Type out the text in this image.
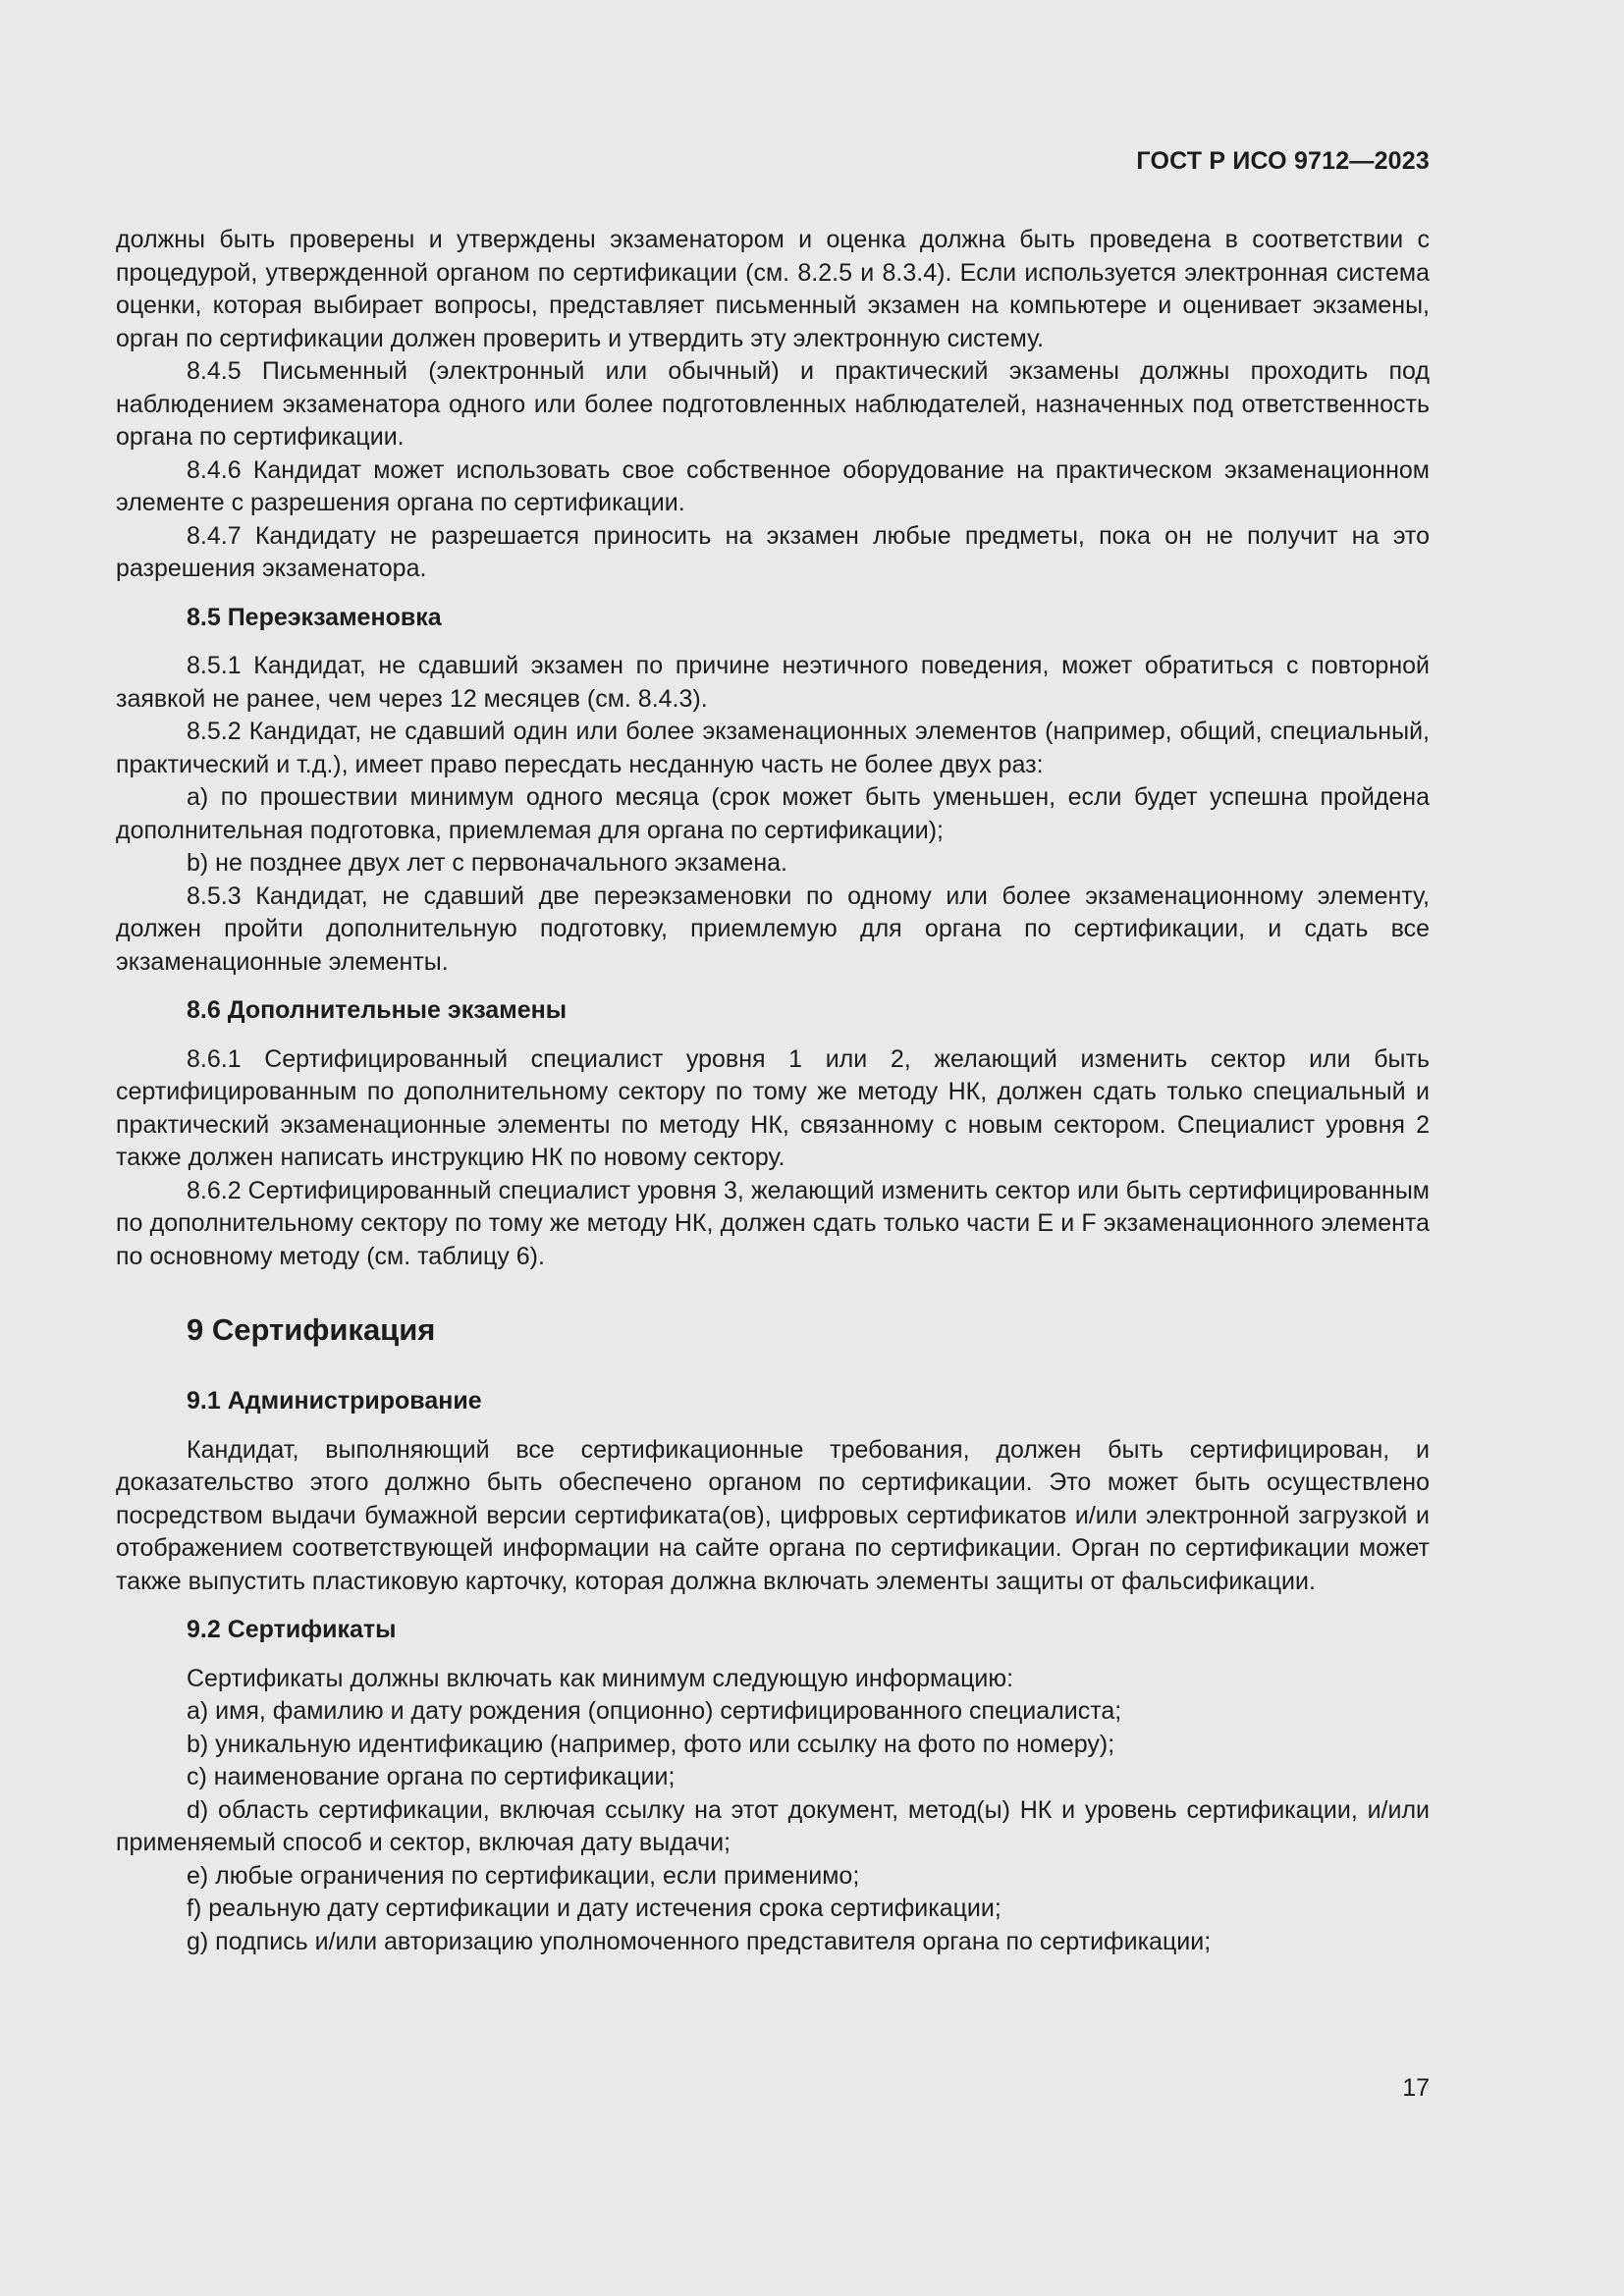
ГОСТ Р ИСО 9712—2023

должны быть проверены и утверждены экзаменатором и оценка должна быть проведена в соответствии с процедурой, утвержденной органом по сертификации (см. 8.2.5 и 8.3.4). Если используется электронная система оценки, которая выбирает вопросы, представляет письменный экзамен на компьютере и оценивает экзамены, орган по сертификации должен проверить и утвердить эту электронную систему.

8.4.5 Письменный (электронный или обычный) и практический экзамены должны проходить под наблюдением экзаменатора одного или более подготовленных наблюдателей, назначенных под ответственность органа по сертификации.

8.4.6 Кандидат может использовать свое собственное оборудование на практическом экзаменационном элементе с разрешения органа по сертификации.

8.4.7 Кандидату не разрешается приносить на экзамен любые предметы, пока он не получит на это разрешения экзаменатора.

8.5 Переэкзаменовка

8.5.1 Кандидат, не сдавший экзамен по причине неэтичного поведения, может обратиться с повторной заявкой не ранее, чем через 12 месяцев (см. 8.4.3).

8.5.2 Кандидат, не сдавший один или более экзаменационных элементов (например, общий, специальный, практический и т.д.), имеет право пересдать несданную часть не более двух раз:

a) по прошествии минимум одного месяца (срок может быть уменьшен, если будет успешна пройдена дополнительная подготовка, приемлемая для органа по сертификации);

b) не позднее двух лет с первоначального экзамена.

8.5.3 Кандидат, не сдавший две переэкзаменовки по одному или более экзаменационному элементу, должен пройти дополнительную подготовку, приемлемую для органа по сертификации, и сдать все экзаменационные элементы.

8.6 Дополнительные экзамены

8.6.1 Сертифицированный специалист уровня 1 или 2, желающий изменить сектор или быть сертифицированным по дополнительному сектору по тому же методу НК, должен сдать только специальный и практический экзаменационные элементы по методу НК, связанному с новым сектором. Специалист уровня 2 также должен написать инструкцию НК по новому сектору.

8.6.2 Сертифицированный специалист уровня 3, желающий изменить сектор или быть сертифицированным по дополнительному сектору по тому же методу НК, должен сдать только части E и F экзаменационного элемента по основному методу (см. таблицу 6).

9 Сертификация
9.1 Администрирование

Кандидат, выполняющий все сертификационные требования, должен быть сертифицирован, и доказательство этого должно быть обеспечено органом по сертификации. Это может быть осуществлено посредством выдачи бумажной версии сертификата(ов), цифровых сертификатов и/или электронной загрузкой и отображением соответствующей информации на сайте органа по сертификации. Орган по сертификации может также выпустить пластиковую карточку, которая должна включать элементы защиты от фальсификации.

9.2 Сертификаты

Сертификаты должны включать как минимум следующую информацию:

a) имя, фамилию и дату рождения (опционно) сертифицированного специалиста;

b) уникальную идентификацию (например, фото или ссылку на фото по номеру);

c) наименование органа по сертификации;

d) область сертификации, включая ссылку на этот документ, метод(ы) НК и уровень сертификации, и/или применяемый способ и сектор, включая дату выдачи;

e) любые ограничения по сертификации, если применимо;

f) реальную дату сертификации и дату истечения срока сертификации;

g) подпись и/или авторизацию уполномоченного представителя органа по сертификации;

17
